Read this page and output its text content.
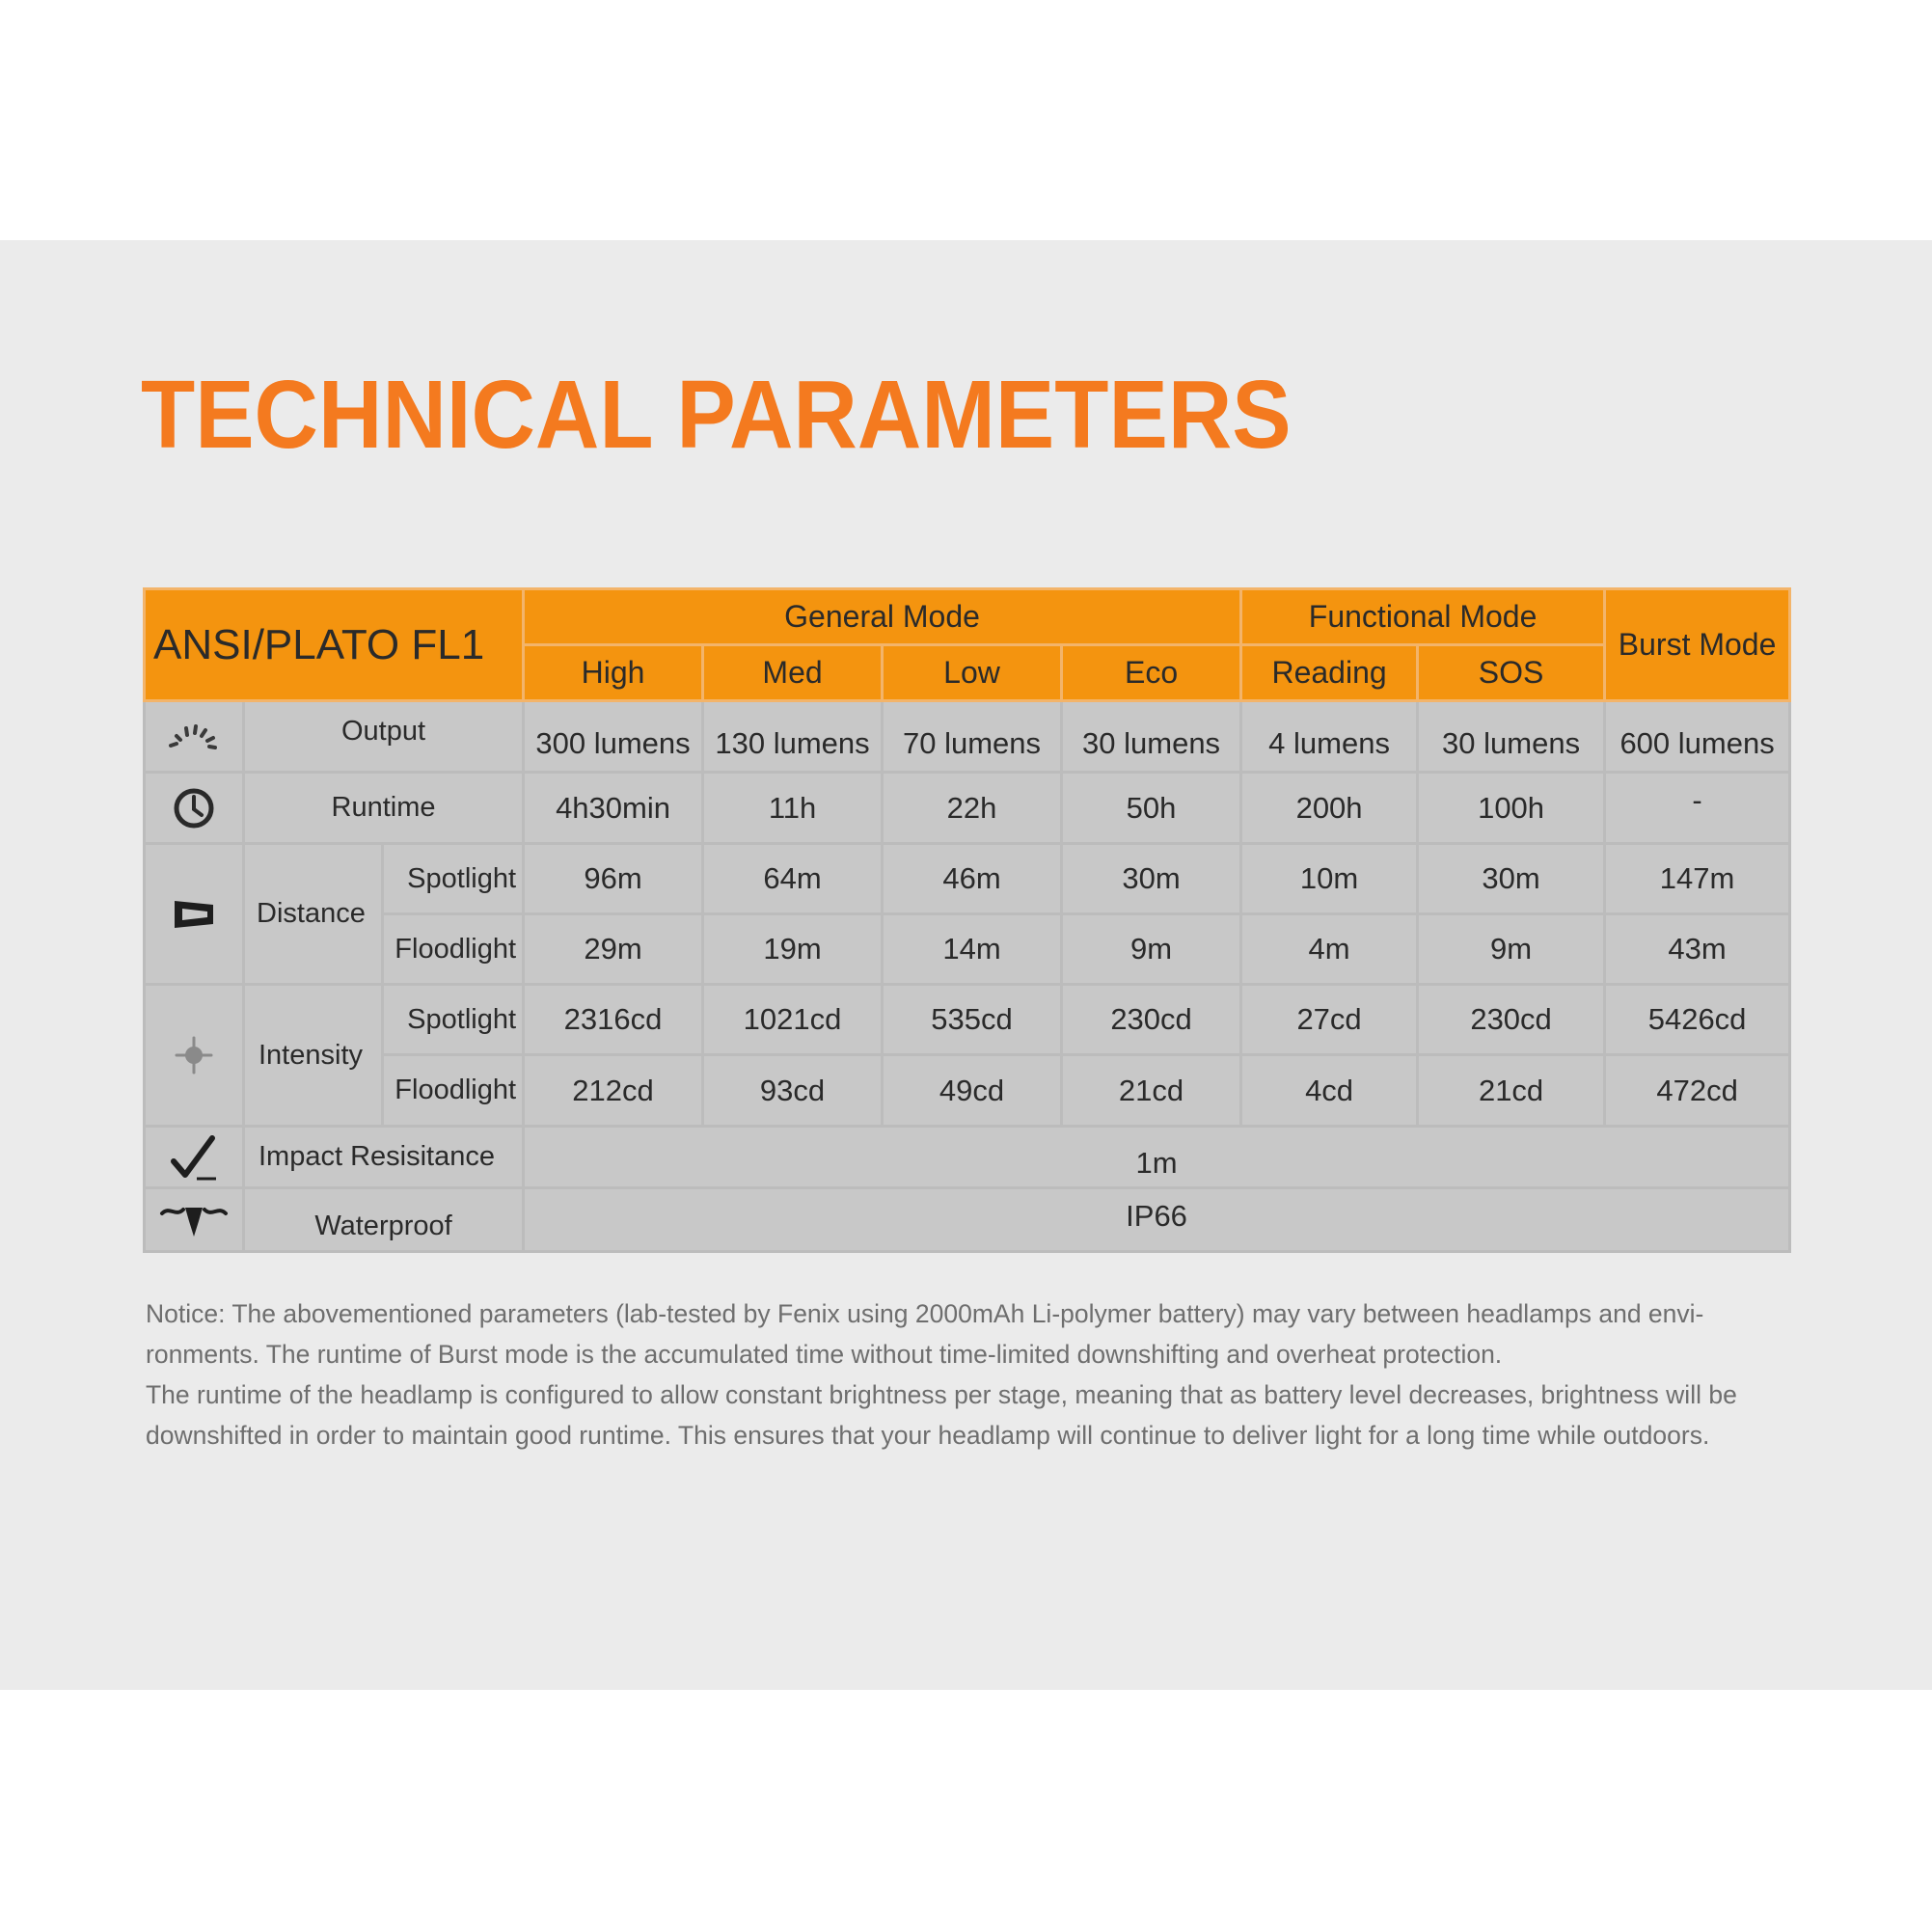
TECHNICAL PARAMETERS
ANSI/PLATO FL1			General Mode				Functional Mode		Burst Mode
			High	Med	Low	Eco	Reading	SOS	

	Output		300 lumens	130 lumens	70 lumens	30 lumens	4 lumens	30 lumens	600 lumens

	Runtime		4h30min	11h	22h	50h	200h	100h	-

	Distance	Spotlight	96m	64m	46m	30m	10m	30m	147m
		Floodlight	29m	19m	14m	9m	4m	9m	43m

	Intensity	Spotlight	2316cd	1021cd	535cd	230cd	27cd	230cd	5426cd
		Floodlight	212cd	93cd	49cd	21cd	4cd	21cd	472cd

	Impact Resisitance		1m						

	Waterproof		IP66						

Notice: The abovementioned parameters (lab-tested by Fenix using 2000mAh Li-polymer battery) may vary between headlamps and envi-ronments. The runtime of Burst mode is the accumulated time without time-limited downshifting and overheat protection.

The runtime of the headlamp is configured to allow constant brightness per stage, meaning that as battery level decreases, brightness will be downshifted in order to maintain good runtime. This ensures that your headlamp will continue to deliver light for a long time while outdoors.
